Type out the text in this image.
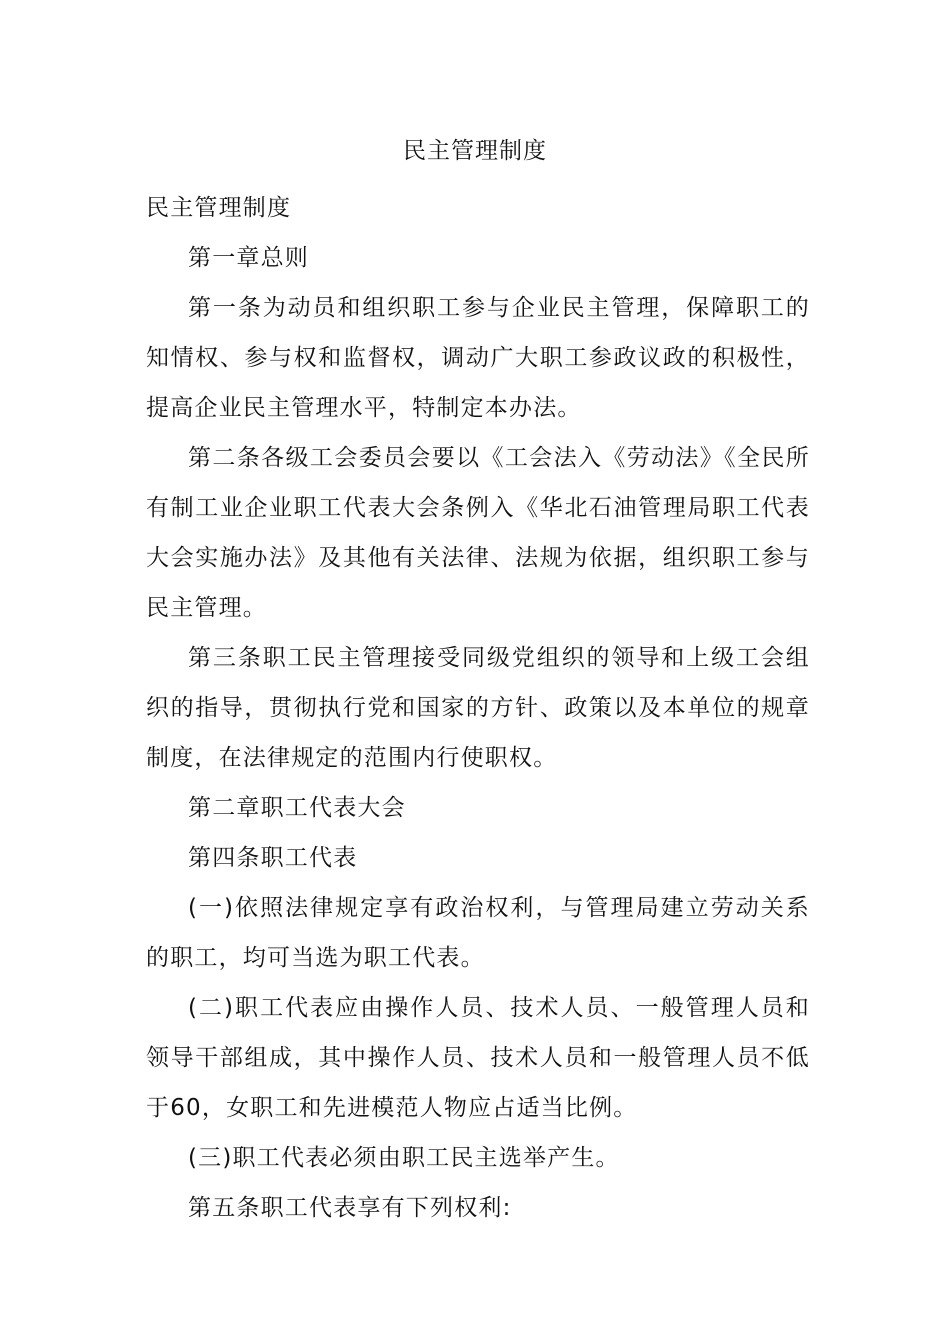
民主管理制度

民主管理制度

第一章总则

第一条为动员和组织职工参与企业民主管理，保障职工的知情权、参与权和监督权，调动广大职工参政议政的积极性，提高企业民主管理水平，特制定本办法。

第二条各级工会委员会要以《工会法入《劳动法》《全民所有制工业企业职工代表大会条例入《华北石油管理局职工代表大会实施办法》及其他有关法律、法规为依据，组织职工参与民主管理。

第三条职工民主管理接受同级党组织的领导和上级工会组织的指导，贯彻执行党和国家的方针、政策以及本单位的规章制度，在法律规定的范围内行使职权。

第二章职工代表大会

第四条职工代表

(一)依照法律规定享有政治权利，与管理局建立劳动关系的职工，均可当选为职工代表。

(二)职工代表应由操作人员、技术人员、一般管理人员和领导干部组成，其中操作人员、技术人员和一般管理人员不低于60，女职工和先进模范人物应占适当比例。

(三)职工代表必须由职工民主选举产生。

第五条职工代表享有下列权利:
